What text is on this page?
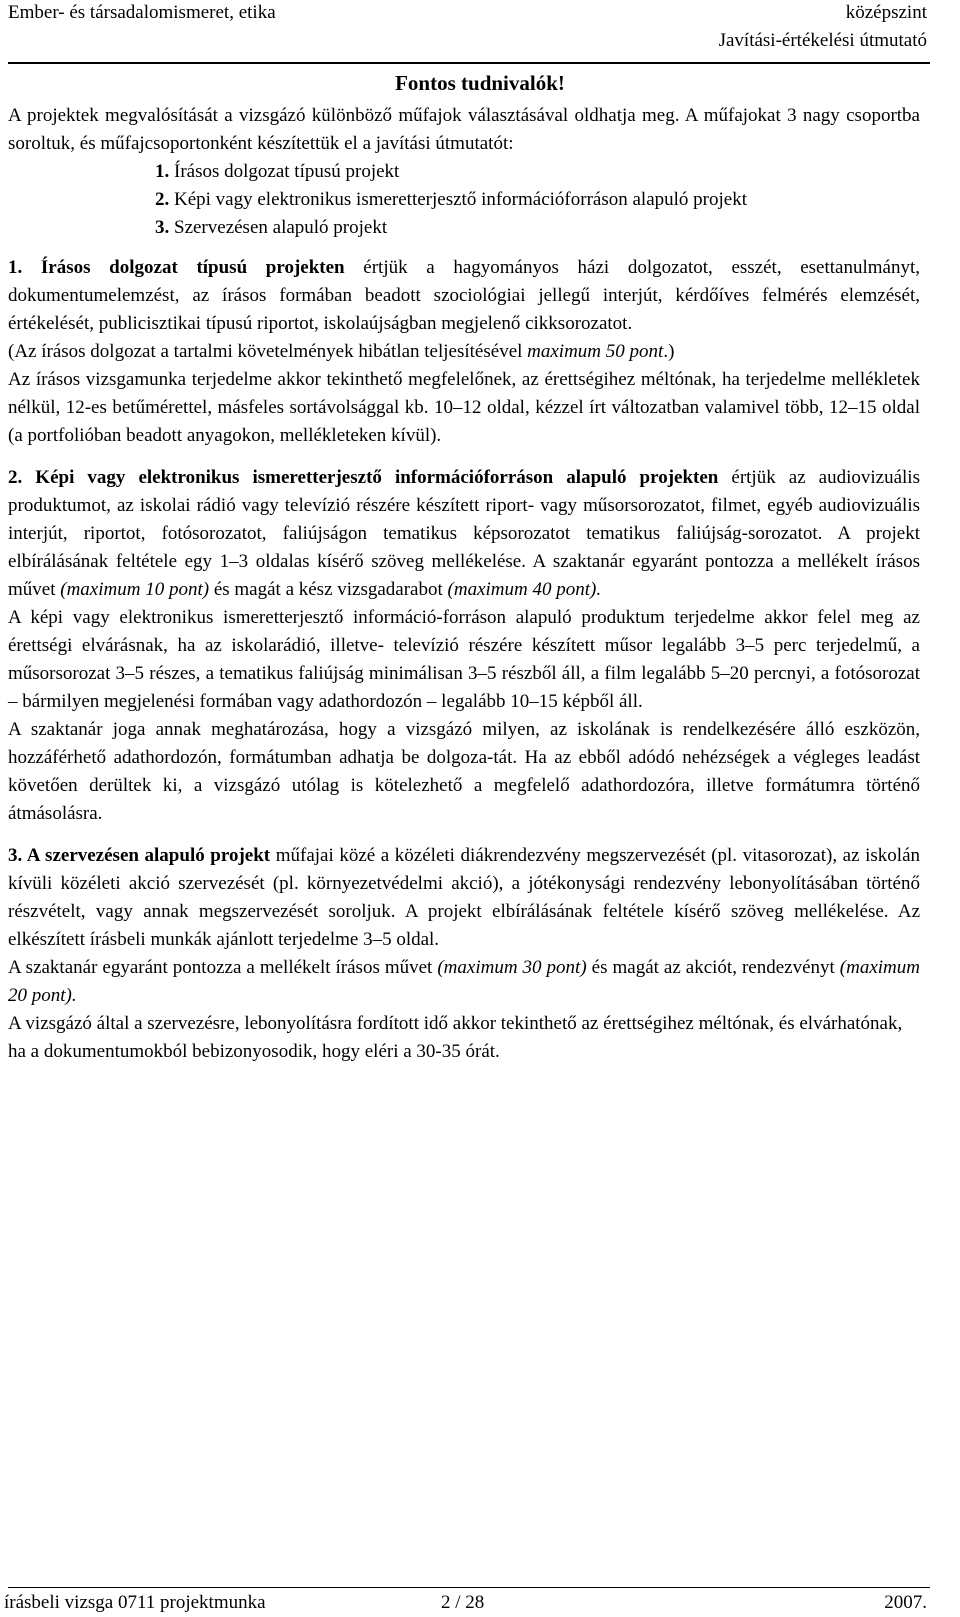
Ember- és társadalomismeret, etika	középszint
Javítási-értékelési útmutató
Fontos tudnivalók!

A projektek megvalósítását a vizsgázó különböző műfajok választásával oldhatja meg. A műfajokat 3 nagy csoportba soroltuk, és műfajcsoportonként készítettük el a javítási útmutatót:

1. Írásos dolgozat típusú projekt
2. Képi vagy elektronikus ismeretterjesztő információforráson alapuló projekt
3. Szervezésen alapuló projekt

1. Írásos dolgozat típusú projekten értjük a hagyományos házi dolgozatot, esszét, esettanulmányt, dokumentumelemzést, az írásos formában beadott szociológiai jellegű interjút, kérdőíves felmérés elemzését, értékelését, publicisztikai típusú riportot, iskolaújságban megjelenő cikksorozatot.

(Az írásos dolgozat a tartalmi követelmények hibátlan teljesítésével maximum 50 pont.)

Az írásos vizsgamunka terjedelme akkor tekinthető megfelelőnek, az érettségihez méltónak, ha terjedelme mellékletek nélkül, 12-es betűmérettel, másfeles sortávolsággal kb. 10–12 oldal, kézzel írt változatban valamivel több, 12–15 oldal (a portfolióban beadott anyagokon, mellékleteken kívül).

2. Képi vagy elektronikus ismeretterjesztő információforráson alapuló projekten értjük az audiovizuális produktumot, az iskolai rádió vagy televízió részére készített riport- vagy műsorsorozatot, filmet, egyéb audiovizuális interjút, riportot, fotósorozatot, faliújságon tematikus képsorozatot tematikus faliújság-sorozatot. A projekt elbírálásának feltétele egy 1–3 oldalas kísérő szöveg mellékelése. A szaktanár egyaránt pontozza a mellékelt írásos művet (maximum 10 pont) és magát a kész vizsgadarabot (maximum 40 pont).

A képi vagy elektronikus ismeretterjesztő információ-forráson alapuló produktum terjedelme akkor felel meg az érettségi elvárásnak, ha az iskolarádió, illetve- televízió részére készített műsor legalább 3–5 perc terjedelmű, a műsorsorozat 3–5 részes, a tematikus faliújság minimálisan 3–5 részből áll, a film legalább 5–20 percnyi, a fotósorozat – bármilyen megjelenési formában vagy adathordozón – legalább 10–15 képből áll.

A szaktanár joga annak meghatározása, hogy a vizsgázó milyen, az iskolának is rendelkezésére álló eszközön, hozzáférhető adathordozón, formátumban adhatja be dolgoza-tát. Ha az ebből adódó nehézségek a végleges leadást követően derültek ki, a vizsgázó utólag is kötelezhető a megfelelő adathordozóra, illetve formátumra történő átmásolásra.

3. A szervezésen alapuló projekt műfajai közé a közéleti diákrendezvény megszervezését (pl. vitasorozat), az iskolán kívüli közéleti akció szervezését (pl. környezetvédelmi akció), a jótékonysági rendezvény lebonyolításában történő részvételt, vagy annak megszervezését soroljuk. A projekt elbírálásának feltétele kísérő szöveg mellékelése. Az elkészített írásbeli munkák ajánlott terjedelme 3–5 oldal.

A szaktanár egyaránt pontozza a mellékelt írásos művet (maximum 30 pont) és magát az akciót, rendezvényt (maximum 20 pont).

A vizsgázó által a szervezésre, lebonyolításra fordított idő akkor tekinthető az érettségihez méltónak, és elvárhatónak, ha a dokumentumokból bebizonyosodik, hogy eléri a 30-35 órát.

írásbeli vizsga 0711 projektmunka	2 / 28	2007.
